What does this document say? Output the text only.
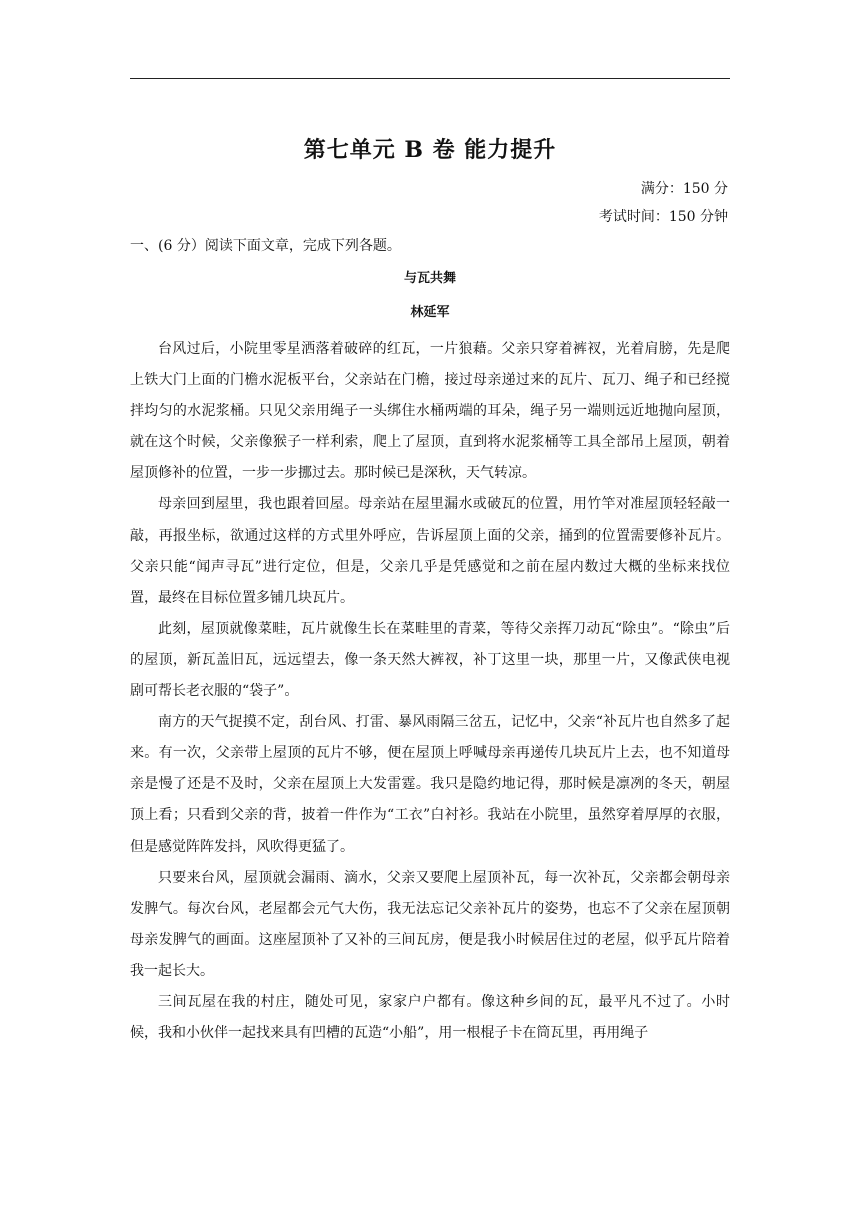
第七单元 B 卷 能力提升
满分：150 分
考试时间：150 分钟
一、(6 分）阅读下面文章，完成下列各题。
与瓦共舞
林延军

台风过后，小院里零星洒落着破碎的红瓦，一片狼藉。父亲只穿着裤衩，光着肩膀，先是爬上铁大门上面的门檐水泥板平台，父亲站在门檐，接过母亲递过来的瓦片、瓦刀、绳子和已经搅拌均匀的水泥浆桶。只见父亲用绳子一头绑住水桶两端的耳朵，绳子另一端则远近地抛向屋顶，就在这个时候，父亲像猴子一样利索，爬上了屋顶，直到将水泥浆桶等工具全部吊上屋顶，朝着屋顶修补的位置，一步一步挪过去。那时候已是深秋，天气转凉。

母亲回到屋里，我也跟着回屋。母亲站在屋里漏水或破瓦的位置，用竹竿对准屋顶轻轻敲一敲，再报坐标，欲通过这样的方式里外呼应，告诉屋顶上面的父亲，捅到的位置需要修补瓦片。父亲只能“闻声寻瓦”进行定位，但是，父亲几乎是凭感觉和之前在屋内数过大概的坐标来找位置，最终在目标位置多铺几块瓦片。

此刻，屋顶就像菜畦，瓦片就像生长在菜畦里的青菜，等待父亲挥刀动瓦“除虫”。“除虫”后的屋顶，新瓦盖旧瓦，远远望去，像一条天然大裤衩，补丁这里一块，那里一片，又像武侠电视剧可帮长老衣服的“袋子”。

南方的天气捉摸不定，刮台风、打雷、暴风雨隔三岔五，记忆中，父亲“补瓦片也自然多了起来。有一次，父亲带上屋顶的瓦片不够，便在屋顶上呼喊母亲再递传几块瓦片上去，也不知道母亲是慢了还是不及时，父亲在屋顶上大发雷霆。我只是隐约地记得，那时候是凛冽的冬天，朝屋顶上看；只看到父亲的背，披着一件作为“工衣”白衬衫。我站在小院里，虽然穿着厚厚的衣服，但是感觉阵阵发抖，风吹得更猛了。

只要来台风，屋顶就会漏雨、滴水，父亲又要爬上屋顶补瓦，每一次补瓦，父亲都会朝母亲发脾气。每次台风，老屋都会元气大伤，我无法忘记父亲补瓦片的姿势，也忘不了父亲在屋顶朝母亲发脾气的画面。这座屋顶补了又补的三间瓦房，便是我小时候居住过的老屋，似乎瓦片陪着我一起长大。

三间瓦屋在我的村庄，随处可见，家家户户都有。像这种乡间的瓦，最平凡不过了。小时候，我和小伙伴一起找来具有凹槽的瓦造“小船”，用一根棍子卡在筒瓦里，再用绳子
